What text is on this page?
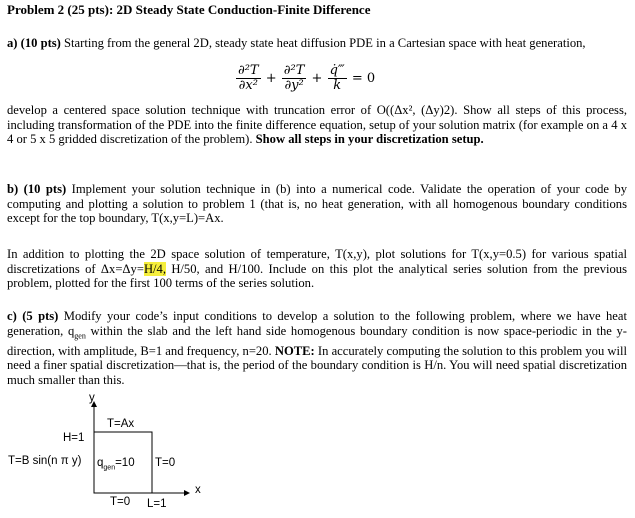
Problem 2 (25 pts): 2D Steady State Conduction-Finite Difference

a) (10 pts) Starting from the general 2D, steady state heat diffusion PDE in a Cartesian space with heat generation,

$\frac{\text{∂²T}}{\text{∂x²}} + \frac{\text{∂²T}}{\text{∂y²}} + \frac{q̇‴}{k} = 0$

develop a centered space solution technique with truncation error of O((Δx², (Δy)2). Show all steps of this process, including transformation of the PDE into the finite difference equation, setup of your solution matrix (for example on a 4 x 4 or 5 x 5 gridded discretization of the problem). Show all steps in your discretization setup.

b) (10 pts) Implement your solution technique in (b) into a numerical code. Validate the operation of your code by computing and plotting a solution to problem 1 (that is, no heat generation, with all homogenous boundary conditions except for the top boundary, T(x,y=L)=Ax.

In addition to plotting the 2D space solution of temperature, T(x,y), plot solutions for T(x,y=0.5) for various spatial discretizations of Δx=Δy=H/4, H/50, and H/100. Include on this plot the analytical series solution from the previous problem, plotted for the first 100 terms of the series solution.

c) (5 pts) Modify your code’s input conditions to develop a solution to the following problem, where we have heat generation, $q_{gen}$ within the slab and the left hand side homogenous boundary condition is now space-periodic in the y-direction, with amplitude, B=1 and frequency, n=20. NOTE: In accurately computing the solution to this problem you will need a finer spatial discretization—that is, the period of the boundary condition is H/n. You will need spatial discretization much smaller than this.

y
T=Ax
H=1
T=B sin(n π y) $q_{gen}=10$ T=0
x
T=0 L=1
